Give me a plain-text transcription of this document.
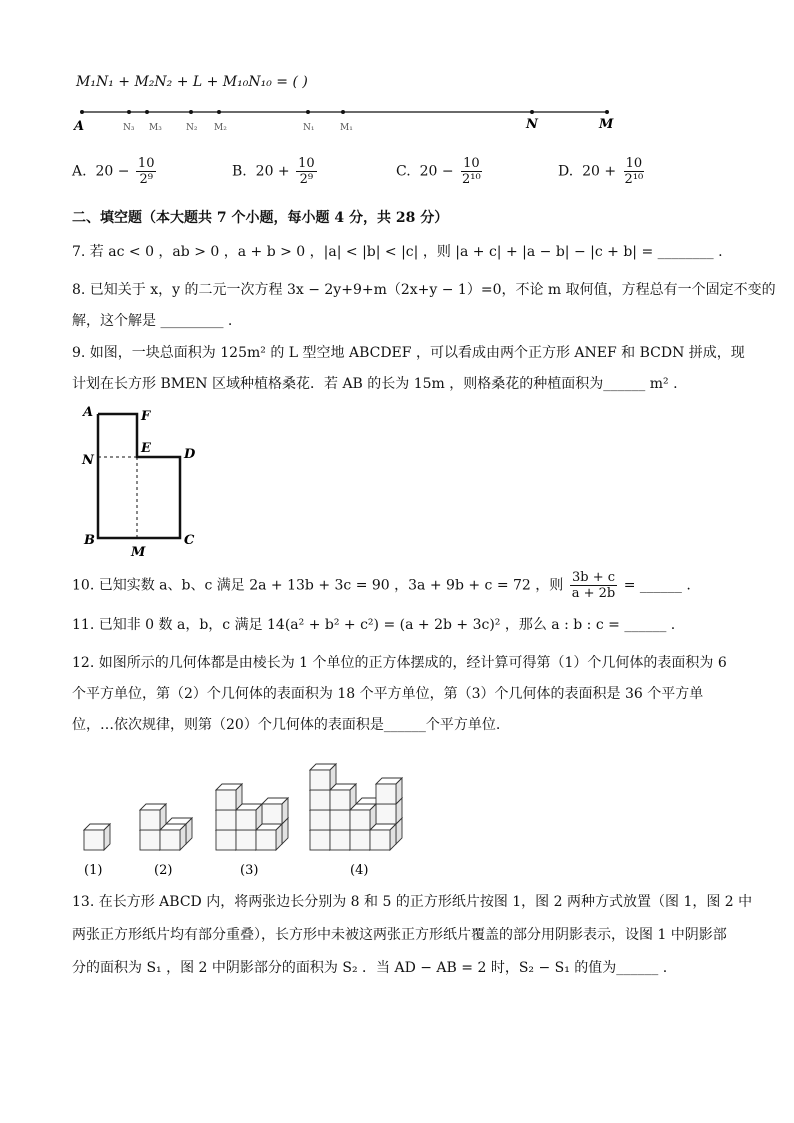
M₁N₁ + M₂N₂ + L + M₁₀N₁₀ = ( )
A	N₃ M₃	N₂ M₂	N₁	M₁	N	M
A. $20 - \frac{10}{\text{2⁹}}$	B. $20 + \frac{10}{\text{2⁹}}$	C. $20 - \frac{10}{\text{2¹⁰}}$	D. $20 + \frac{10}{\text{2¹⁰}}$
二、填空题（本大题共 7 个小题，每小题 4 分，共 28 分）
7. 若 ac < 0 ，ab > 0 ，a + b > 0 ，|a| < |b| < |c| ，则 |a + c| + |a − b| − |c + b| = ________ .
8. 已知关于 x，y 的二元一次方程 3x − 2y+9+m（2x+y − 1）=0，不论 m 取何值，方程总有一个固定不变的
解，这个解是 _________ .
9. 如图，一块总面积为 125m² 的 L 型空地 ABCDEF ，可以看成由两个正方形 ANEF 和 BCDN 拼成，现
计划在长方形 BMEN 区域种植格桑花．若 AB 的长为 15m ，则格桑花的种植面积为______ m² .
A	F
E	D
N
B
M
C
10. 已知实数 a、b、c 满足 2a + 13b + 3c = 90 ，3a + 9b + c = 72 ，则 $\frac{3b + c}{a + 2b}$ = ______ .
11. 已知非 0 数 a，b，c 满足 14(a² + b² + c²) = (a + 2b + 3c)² ，那么 a : b : c = ______ .
12. 如图所示的几何体都是由棱长为 1 个单位的正方体摆成的，经计算可得第（1）个几何体的表面积为 6
个平方单位，第（2）个几何体的表面积为 18 个平方单位，第（3）个几何体的表面积是 36 个平方单
位，…依次规律，则第（20）个几何体的表面积是______个平方单位.
(1)	(2)	(3)	(4)
13. 在长方形 ABCD 内，将两张边长分别为 8 和 5 的正方形纸片按图 1，图 2 两种方式放置（图 1，图 2 中
两张正方形纸片均有部分重叠），长方形中未被这两张正方形纸片覆盖的部分用阴影表示，设图 1 中阴影部
分的面积为 S₁ ，图 2 中阴影部分的面积为 S₂ ．当 AD − AB = 2 时，S₂ − S₁ 的值为______ .
